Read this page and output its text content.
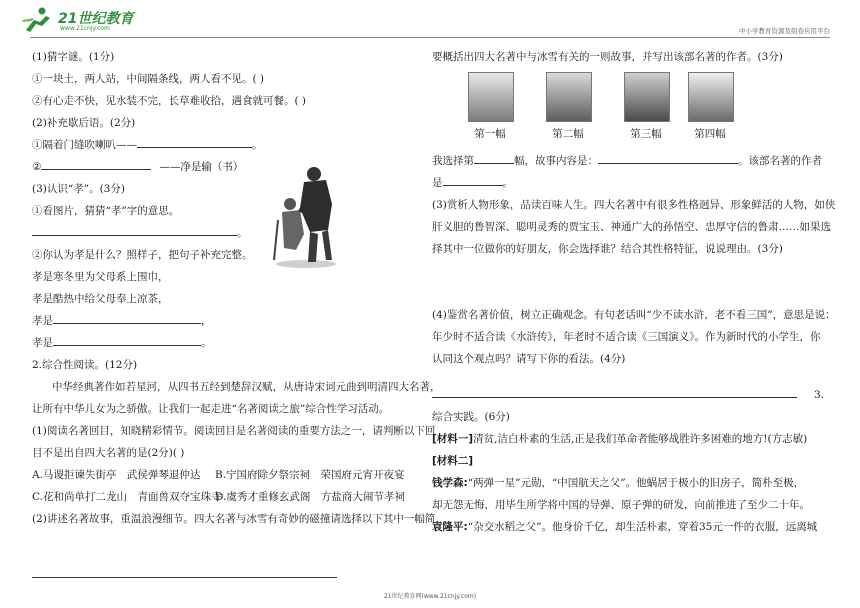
21世纪教育
www.21cnjy.com	中小学教育资源及组卷应用平台
(1)猜字谜。(1分)
①一块土，两人站，中间隔条线，两人看不见。( )
②有心走不快，见水装不完，长草难收拾，遇食就可餐。( )
(2)补充歇后语。(2分)
①隔着门缝吹喇叭——	。
②	——净是输（书）
(3)认识“孝”。(3分)
①看图片，猜猜“孝”字的意思。
。
②你认为孝是什么？照样子，把句子补充完整。
孝是寒冬里为父母系上围巾，
孝是酷热中给父母奉上凉茶，
孝是	，
孝是	。
2.综合性阅读。(12分)
中华经典著作如若星河，从四书五经到楚辞汉赋，从唐诗宋词元曲到明清四大名著，
让所有中华儿女为之骄傲。让我们一起走进“名著阅读之旅”综合性学习活动。
(1)阅读名著回目，知晓精彩情节。阅读回目是名著阅读的重要方法之一，请判断以下回
目不是出自四大名著的是(2分)( )
A.马谡拒谏失街亭　武侯弹琴退仲达 B.宁国府除夕祭宗祠　荣国府元宵开夜宴
C.花和尚单打二龙山　青面兽双夺宝珠寺D.虞秀才重修玄武阁　方盐商大闹节孝祠
(2)讲述名著故事，重温浪漫细节。四大名著与冰雪有奇妙的磁撞请选择以下其中一幅简
要概括出四大名著中与冰雪有关的一则故事，并写出该部名著的作者。(3分)
第一幅	第二幅	第三幅	第四幅
我选择第	幅，故事内容是：	。该部名著的作者
是	。
(3)赏析人物形象，品读百味人生。四大名著中有很多性格迥异、形象鲜活的人物，如侠
肝义胆的鲁智深、聪明灵秀的贾宝玉、神通广大的孙悟空、忠厚守信的鲁肃……如果选
择其中一位做你的好朋友，你会选择谁？结合其性格特征，说说理由。(3分)
(4)鉴赏名著价值，树立正确观念。有句老话叫“少不读水浒，老不看三国”，意思是说：
年少时不适合读《水浒传》，年老时不适合读《三国演义》。作为新时代的小学生，你
认同这个观点吗？请写下你的看法。(4分)
3.
综合实践。(6分)
[材料一]清贫,洁白朴素的生活,正是我们革命者能够战胜许多困难的地方!(方志敏)
[材料二]
钱学森:“两弹一星”元勋，“中国航天之父”。他蜗居于极小的旧房子，简朴至极，
却无怨无悔，用毕生所学将中国的导弹、原子弹的研发，向前推进了至少二十年。
袁隆平:“杂交水稻之父”。他身价千亿，却生活朴素，穿着35元一件的衣服，远离城
21世纪教育网(www.21cnjy.com)
